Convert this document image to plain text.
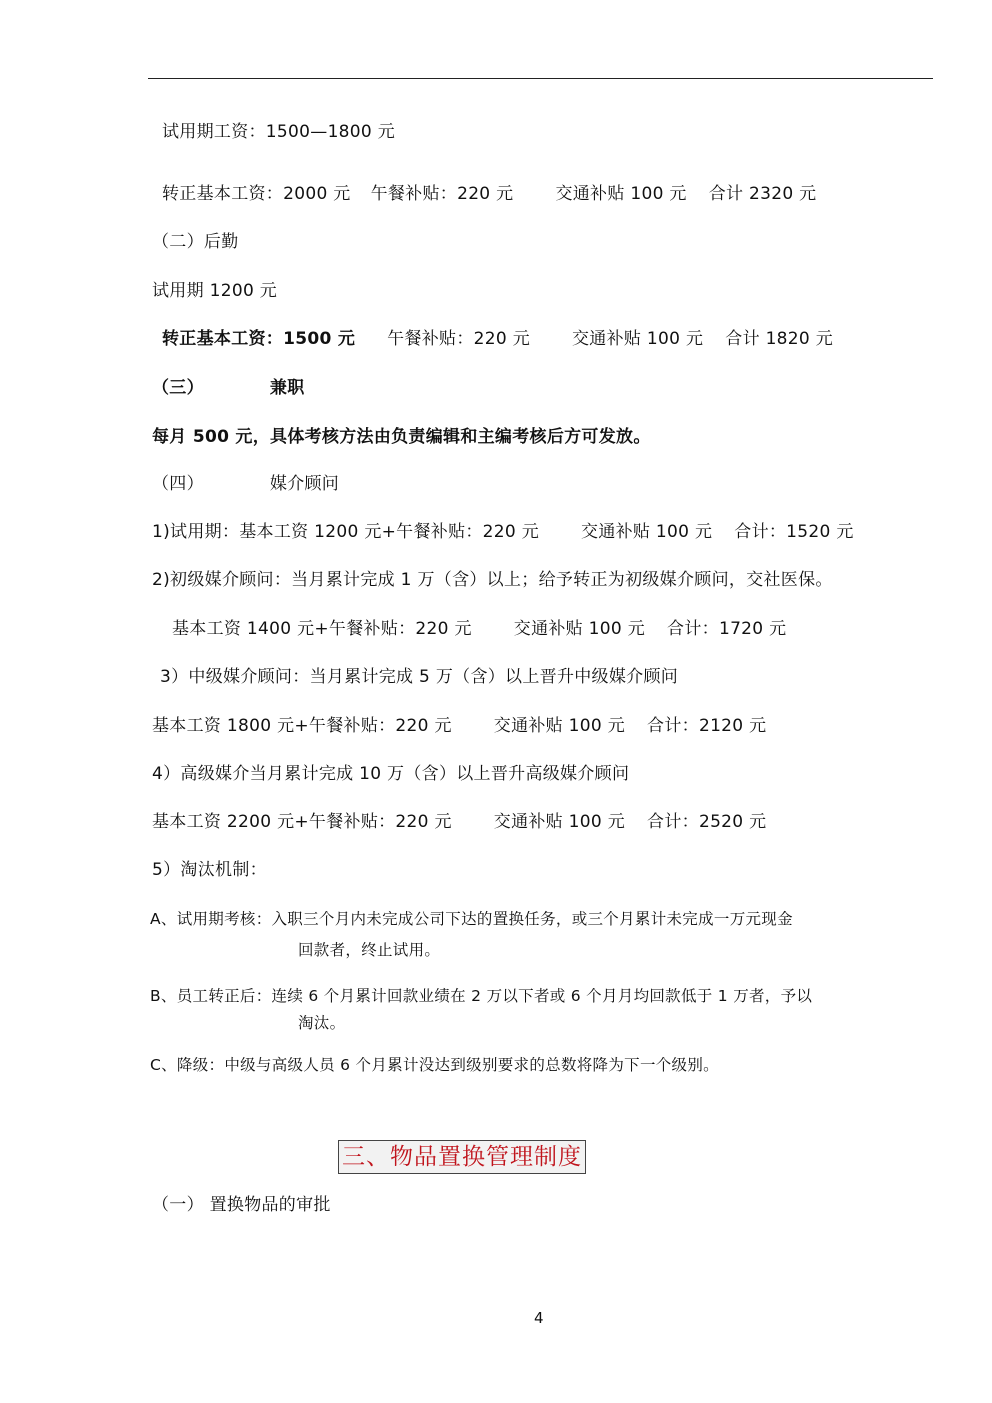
试用期工资：1500—1800 元
转正基本工资：2000 元 午餐补贴：220 元 交通补贴 100 元 合计 2320 元
（二）后勤
试用期 1200 元
转正基本工资：1500 元 午餐补贴：220 元 交通补贴 100 元 合计 1820 元
（三）	兼职
每月 500 元，具体考核方法由负责编辑和主编考核后方可发放。
（四）	媒介顾问
1)试用期：基本工资 1200 元+午餐补贴：220 元 交通补贴 100 元 合计：1520 元
2)初级媒介顾问：当月累计完成 1 万（含）以上；给予转正为初级媒介顾问，交社医保。
基本工资 1400 元+午餐补贴：220 元 交通补贴 100 元 合计：1720 元
3）中级媒介顾问：当月累计完成 5 万（含）以上晋升中级媒介顾问
基本工资 1800 元+午餐补贴：220 元 交通补贴 100 元 合计：2120 元
4）高级媒介当月累计完成 10 万（含）以上晋升高级媒介顾问
基本工资 2200 元+午餐补贴：220 元 交通补贴 100 元 合计：2520 元
5）淘汰机制：
A、试用期考核：入职三个月内未完成公司下达的置换任务，或三个月累计未完成一万元现金
回款者，终止试用。
B、员工转正后：连续 6 个月累计回款业绩在 2 万以下者或 6 个月月均回款低于 1 万者，予以
淘汰。
C、降级：中级与高级人员 6 个月累计没达到级别要求的总数将降为下一个级别。
三、物品置换管理制度
（一） 置换物品的审批
4
